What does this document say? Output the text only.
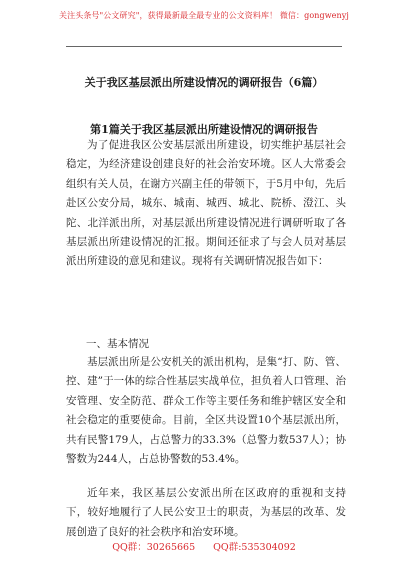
关注头条号"公文研究"，获得最新最全最专业的公文资料库！ 微信：gongwenyj
关于我区基层派出所建设情况的调研报告（6篇）
第1篇关于我区基层派出所建设情况的调研报告

为了促进我区公安基层派出所建设，切实维护基层社会稳定，为经济建设创建良好的社会治安环境。区人大常委会组织有关人员，在谢方兴副主任的带领下，于5月中旬，先后赴区公安分局，城东、城南、城西、城北、院桥、澄江、头陀、北洋派出所，对基层派出所建设情况进行调研听取了各基层派出所建设情况的汇报。期间还征求了与会人员对基层派出所建设的意见和建议。现将有关调研情况报告如下：

一、基本情况

基层派出所是公安机关的派出机构，是集“打、防、管、控、建”于一体的综合性基层实战单位，担负着人口管理、治安管理、安全防范、群众工作等主要任务和维护辖区安全和社会稳定的重要使命。目前，全区共设置10个基层派出所，共有民警179人，占总警力的33.3%（总警力数537人）；协警数为244人，占总协警数的53.4%。

近年来，我区基层公安派出所在区政府的重视和支持下，较好地履行了人民公安卫士的职责，为基层的改革、发展创造了良好的社会秩序和治安环境。

QQ群：30265665 QQ群:535304092
